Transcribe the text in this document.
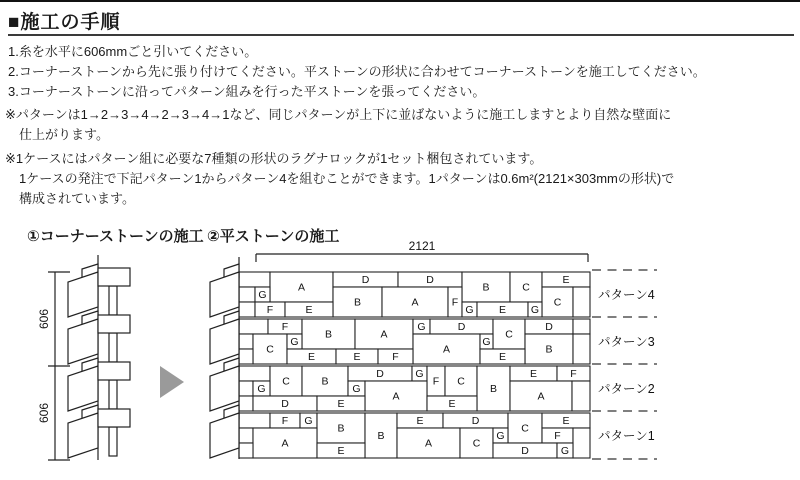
■施工の手順
1.糸を水平に606mmごと引いてください。
2.コーナーストーンから先に張り付けてください。平ストーンの形状に合わせてコーナーストーンを施工してください。
3.コーナーストーンに沿ってパターン組みを行った平ストーンを張ってください。
※パターンは1→2→3→4→2→3→4→1など、同じパターンが上下に並ばないように施工しますとより自然な壁面に
仕上がります。
※1ケースにはパターン組に必要な7種類の形状のラグナロックが1セット梱包されています。
1ケースの発注で下記パターン1からパターン4を組むことができます。1パターンは0.6m²(2121×303mmの形状)で
構成されています。
①コーナーストーンの施工 ②平ストーンの施工
606
606
2121
A
D	D
B	C
E
G
B	A	F	C
F	E	G E G
F
B	A
G	D
C
D
C
G
A
G
B
E	E	F	E
C	B
D	G
F C
B
E	F
G	G
A	A
D	E	E
F G
B
B
E	D
C
E
A	A	C
G	F
E	D	G
パターン4
パターン3
パターン2
パターン1
